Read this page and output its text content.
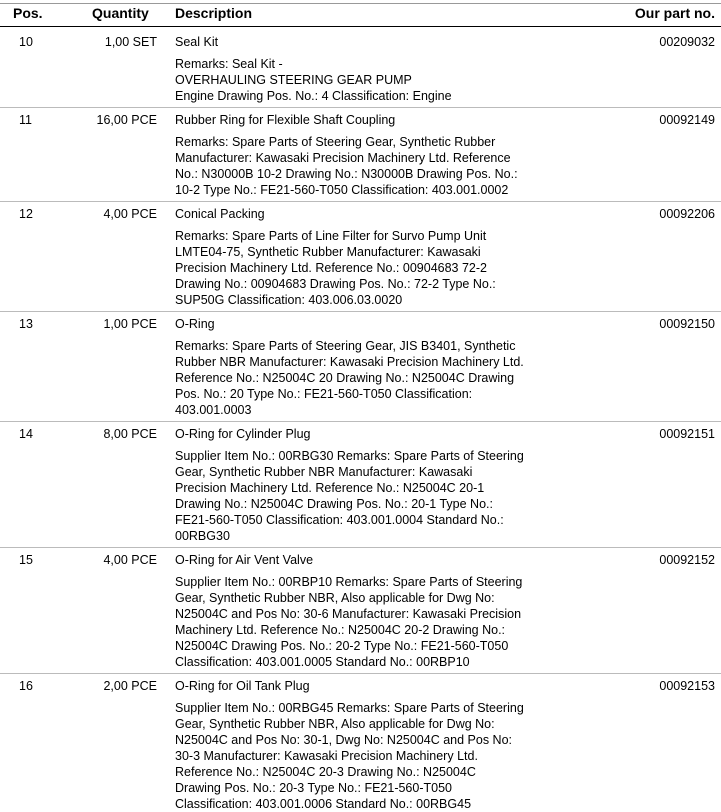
Pos.	Quantity Description	Our part no.
10	1,00 SET Seal Kit
Remarks: Seal Kit -
OVERHAULING STEERING GEAR PUMP
Engine Drawing Pos. No.: 4 Classification: Engine
00209032
11	16,00 PCE Rubber Ring for Flexible Shaft Coupling
Remarks: Spare Parts of Steering Gear, Synthetic Rubber
Manufacturer: Kawasaki Precision Machinery Ltd. Reference
No.: N30000B 10-2 Drawing No.: N30000B Drawing Pos. No.:
10-2 Type No.: FE21-560-T050 Classification: 403.001.0002
00092149
12	4,00 PCE Conical Packing
Remarks: Spare Parts of Line Filter for Survo Pump Unit
LMTE04-75, Synthetic Rubber Manufacturer: Kawasaki
Precision Machinery Ltd. Reference No.: 00904683 72-2
Drawing No.: 00904683 Drawing Pos. No.: 72-2 Type No.:
SUP50G Classification: 403.006.03.0020
00092206
13	1,00 PCE O-Ring
Remarks: Spare Parts of Steering Gear, JIS B3401, Synthetic
Rubber NBR Manufacturer: Kawasaki Precision Machinery Ltd.
Reference No.: N25004C 20 Drawing No.: N25004C Drawing
Pos. No.: 20 Type No.: FE21-560-T050 Classification:
403.001.0003
00092150
14	8,00 PCE O-Ring for Cylinder Plug
Supplier Item No.: 00RBG30 Remarks: Spare Parts of Steering
Gear, Synthetic Rubber NBR Manufacturer: Kawasaki
Precision Machinery Ltd. Reference No.: N25004C 20-1
Drawing No.: N25004C Drawing Pos. No.: 20-1 Type No.:
FE21-560-T050 Classification: 403.001.0004 Standard No.:
00RBG30
00092151
15	4,00 PCE O-Ring for Air Vent Valve
Supplier Item No.: 00RBP10 Remarks: Spare Parts of Steering
Gear, Synthetic Rubber NBR, Also applicable for Dwg No:
N25004C and Pos No: 30-6 Manufacturer: Kawasaki Precision
Machinery Ltd. Reference No.: N25004C 20-2 Drawing No.:
N25004C Drawing Pos. No.: 20-2 Type No.: FE21-560-T050
Classification: 403.001.0005 Standard No.: 00RBP10
00092152
16	2,00 PCE O-Ring for Oil Tank Plug
Supplier Item No.: 00RBG45 Remarks: Spare Parts of Steering
Gear, Synthetic Rubber NBR, Also applicable for Dwg No:
N25004C and Pos No: 30-1, Dwg No: N25004C and Pos No:
30-3 Manufacturer: Kawasaki Precision Machinery Ltd.
Reference No.: N25004C 20-3 Drawing No.: N25004C
Drawing Pos. No.: 20-3 Type No.: FE21-560-T050
Classification: 403.001.0006 Standard No.: 00RBG45
00092153
